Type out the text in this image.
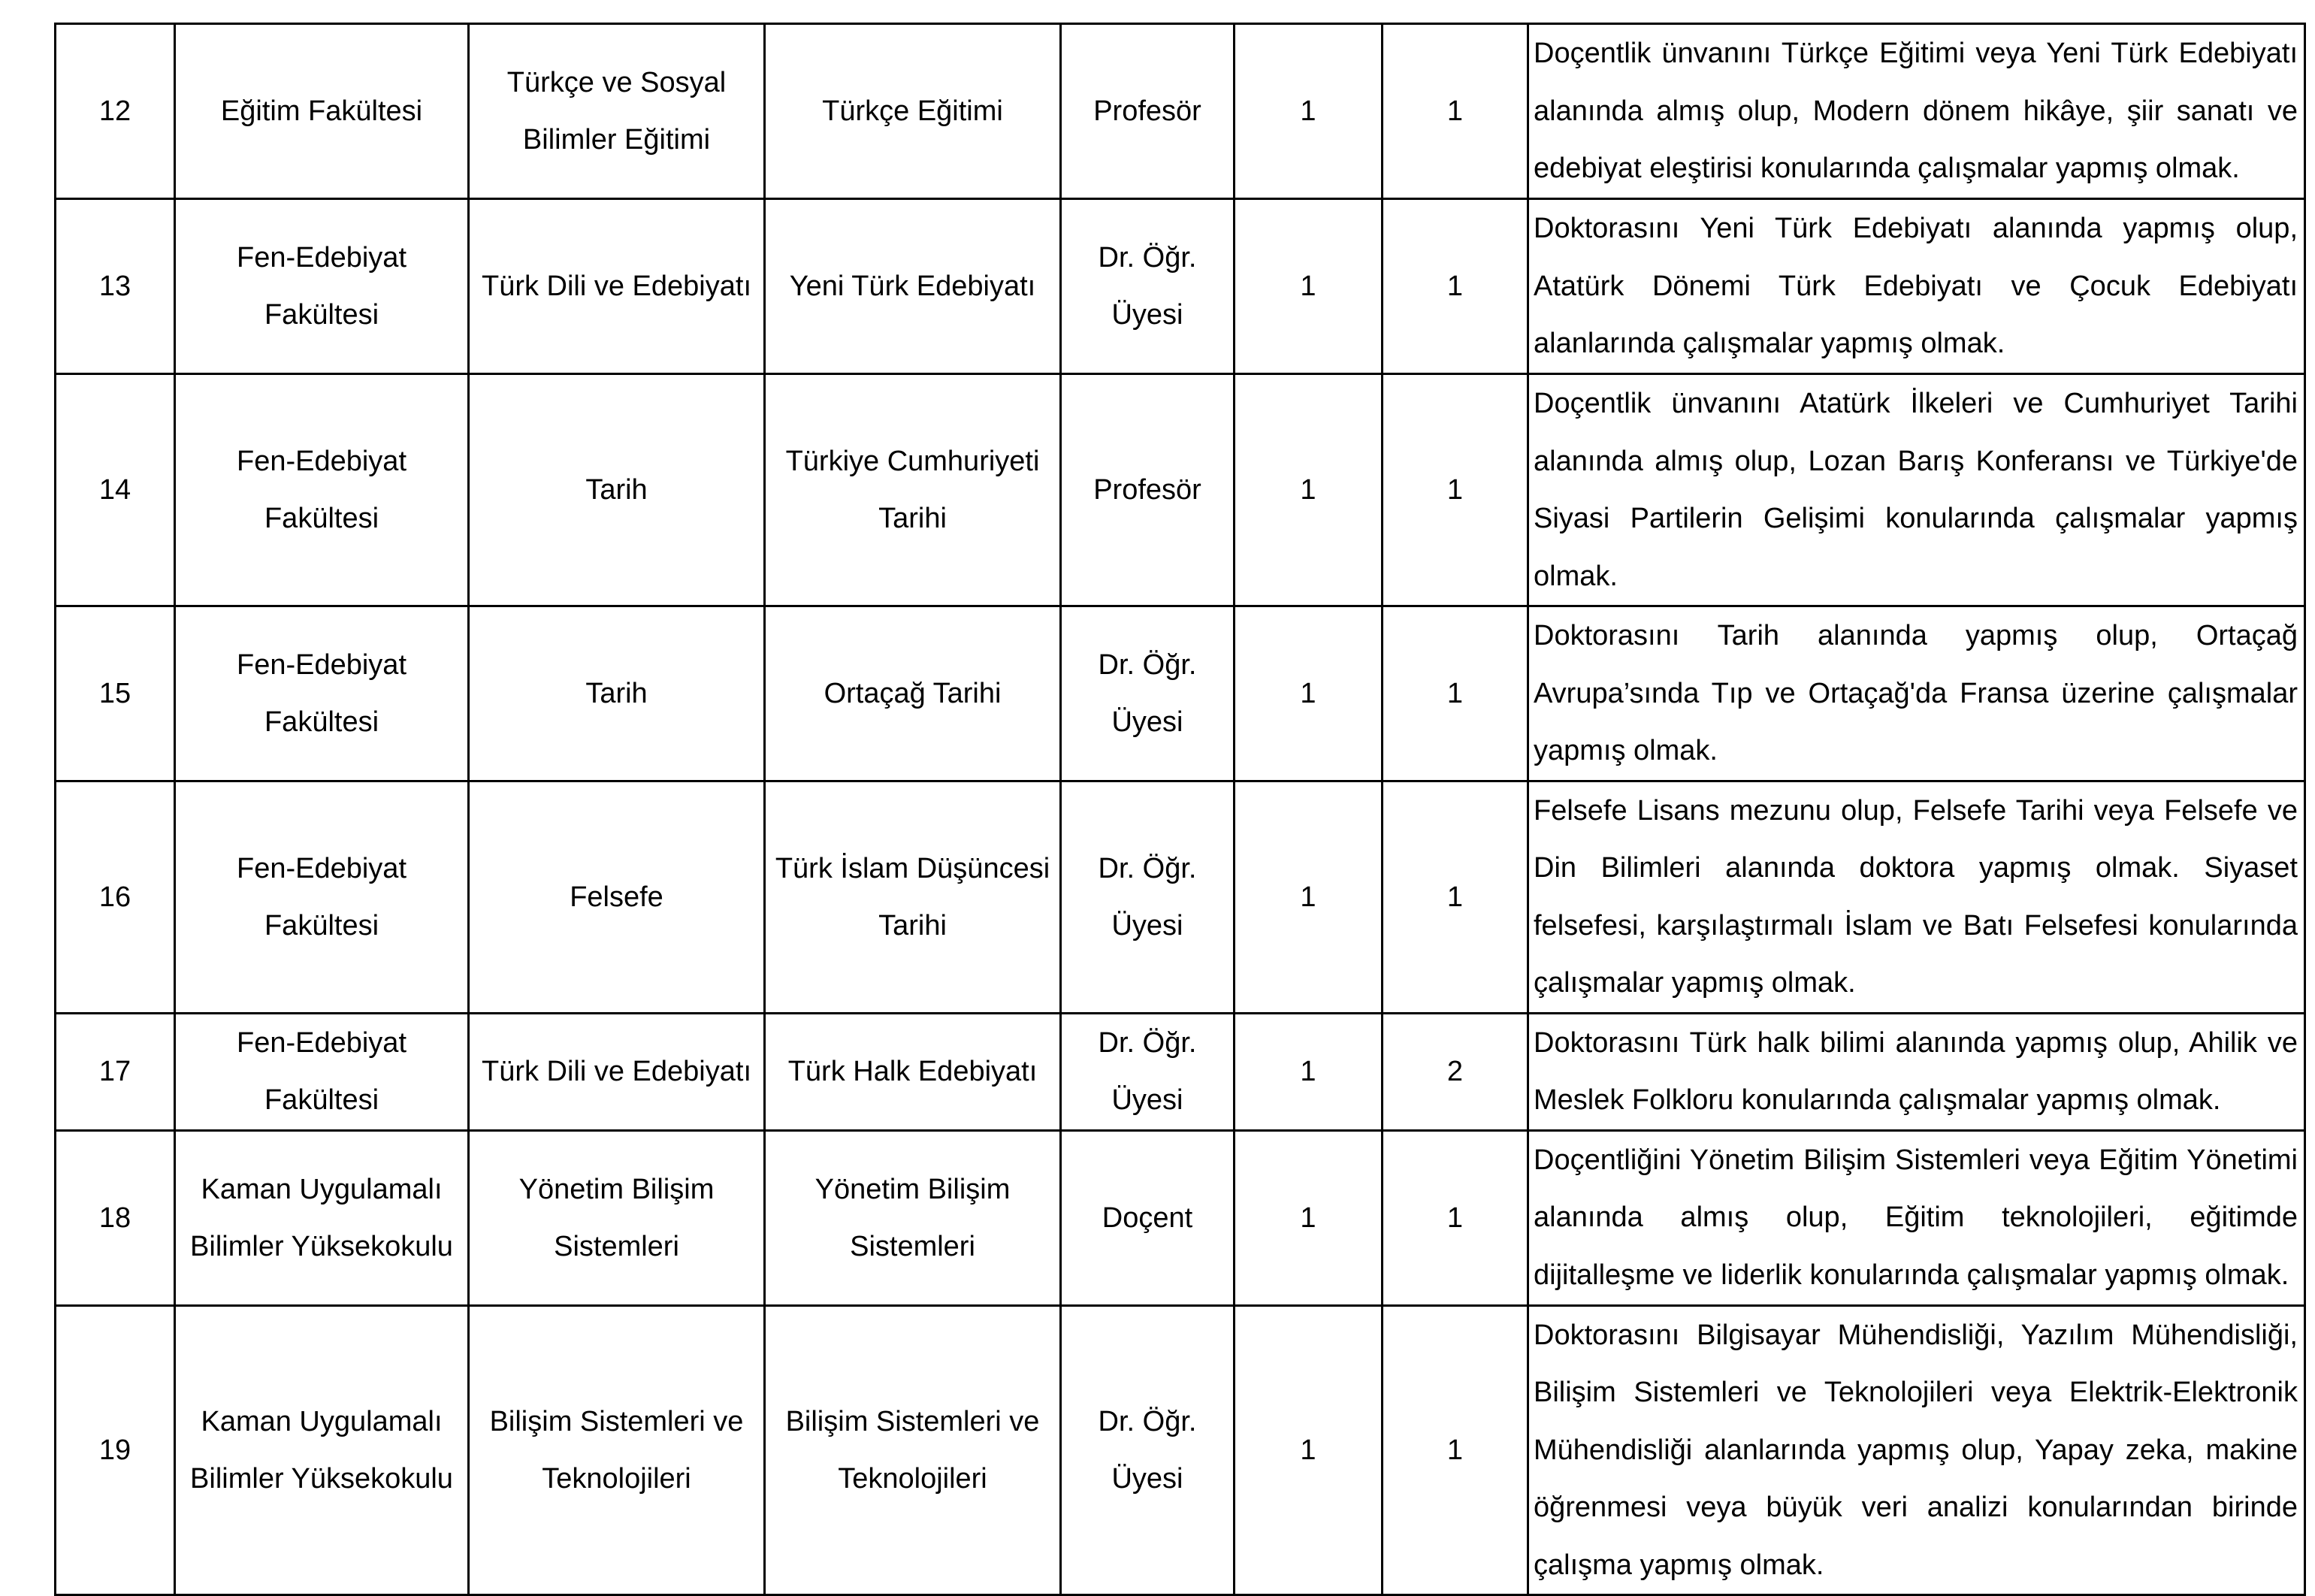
12	Eğitim Fakültesi	Türkçe ve Sosyal Bilimler Eğitimi	Türkçe Eğitimi	Profesör	1	1	Doçentlik ünvanını Türkçe Eğitimi veya Yeni Türk Edebiyatı alanında almış olup, Modern dönem hikâye, şiir sanatı ve edebiyat eleştirisi konularında çalışmalar yapmış olmak.
13	Fen-Edebiyat Fakültesi	Türk Dili ve Edebiyatı	Yeni Türk Edebiyatı	Dr. Öğr. Üyesi	1	1	Doktorasını Yeni Türk Edebiyatı alanında yapmış olup, Atatürk Dönemi Türk Edebiyatı ve Çocuk Edebiyatı alanlarında çalışmalar yapmış olmak.
14	Fen-Edebiyat Fakültesi	Tarih	Türkiye Cumhuriyeti Tarihi	Profesör	1	1	Doçentlik ünvanını Atatürk İlkeleri ve Cumhuriyet Tarihi alanında almış olup, Lozan Barış Konferansı ve Türkiye'de Siyasi Partilerin Gelişimi konularında çalışmalar yapmış olmak.
15	Fen-Edebiyat Fakültesi	Tarih	Ortaçağ Tarihi	Dr. Öğr. Üyesi	1	1	Doktorasını Tarih alanında yapmış olup, Ortaçağ Avrupa’sında Tıp ve Ortaçağ'da Fransa üzerine çalışmalar yapmış olmak.
16	Fen-Edebiyat Fakültesi	Felsefe	Türk İslam Düşüncesi Tarihi	Dr. Öğr. Üyesi	1	1	Felsefe Lisans mezunu olup, Felsefe Tarihi veya Felsefe ve Din Bilimleri alanında doktora yapmış olmak. Siyaset felsefesi, karşılaştırmalı İslam ve Batı Felsefesi konularında çalışmalar yapmış olmak.
17	Fen-Edebiyat Fakültesi	Türk Dili ve Edebiyatı	Türk Halk Edebiyatı	Dr. Öğr. Üyesi	1	2	Doktorasını Türk halk bilimi alanında yapmış olup, Ahilik ve Meslek Folkloru konularında çalışmalar yapmış olmak.
18	Kaman Uygulamalı Bilimler Yüksekokulu	Yönetim Bilişim Sistemleri	Yönetim Bilişim Sistemleri	Doçent	1	1	Doçentliğini Yönetim Bilişim Sistemleri veya Eğitim Yönetimi alanında almış olup, Eğitim teknolojileri, eğitimde dijitalleşme ve liderlik konularında çalışmalar yapmış olmak.
19	Kaman Uygulamalı Bilimler Yüksekokulu	Bilişim Sistemleri ve Teknolojileri	Bilişim Sistemleri ve Teknolojileri	Dr. Öğr. Üyesi	1	1	Doktorasını Bilgisayar Mühendisliği, Yazılım Mühendisliği, Bilişim Sistemleri ve Teknolojileri veya Elektrik-Elektronik Mühendisliği alanlarında yapmış olup, Yapay zeka, makine öğrenmesi veya büyük veri analizi konularından birinde çalışma yapmış olmak.
